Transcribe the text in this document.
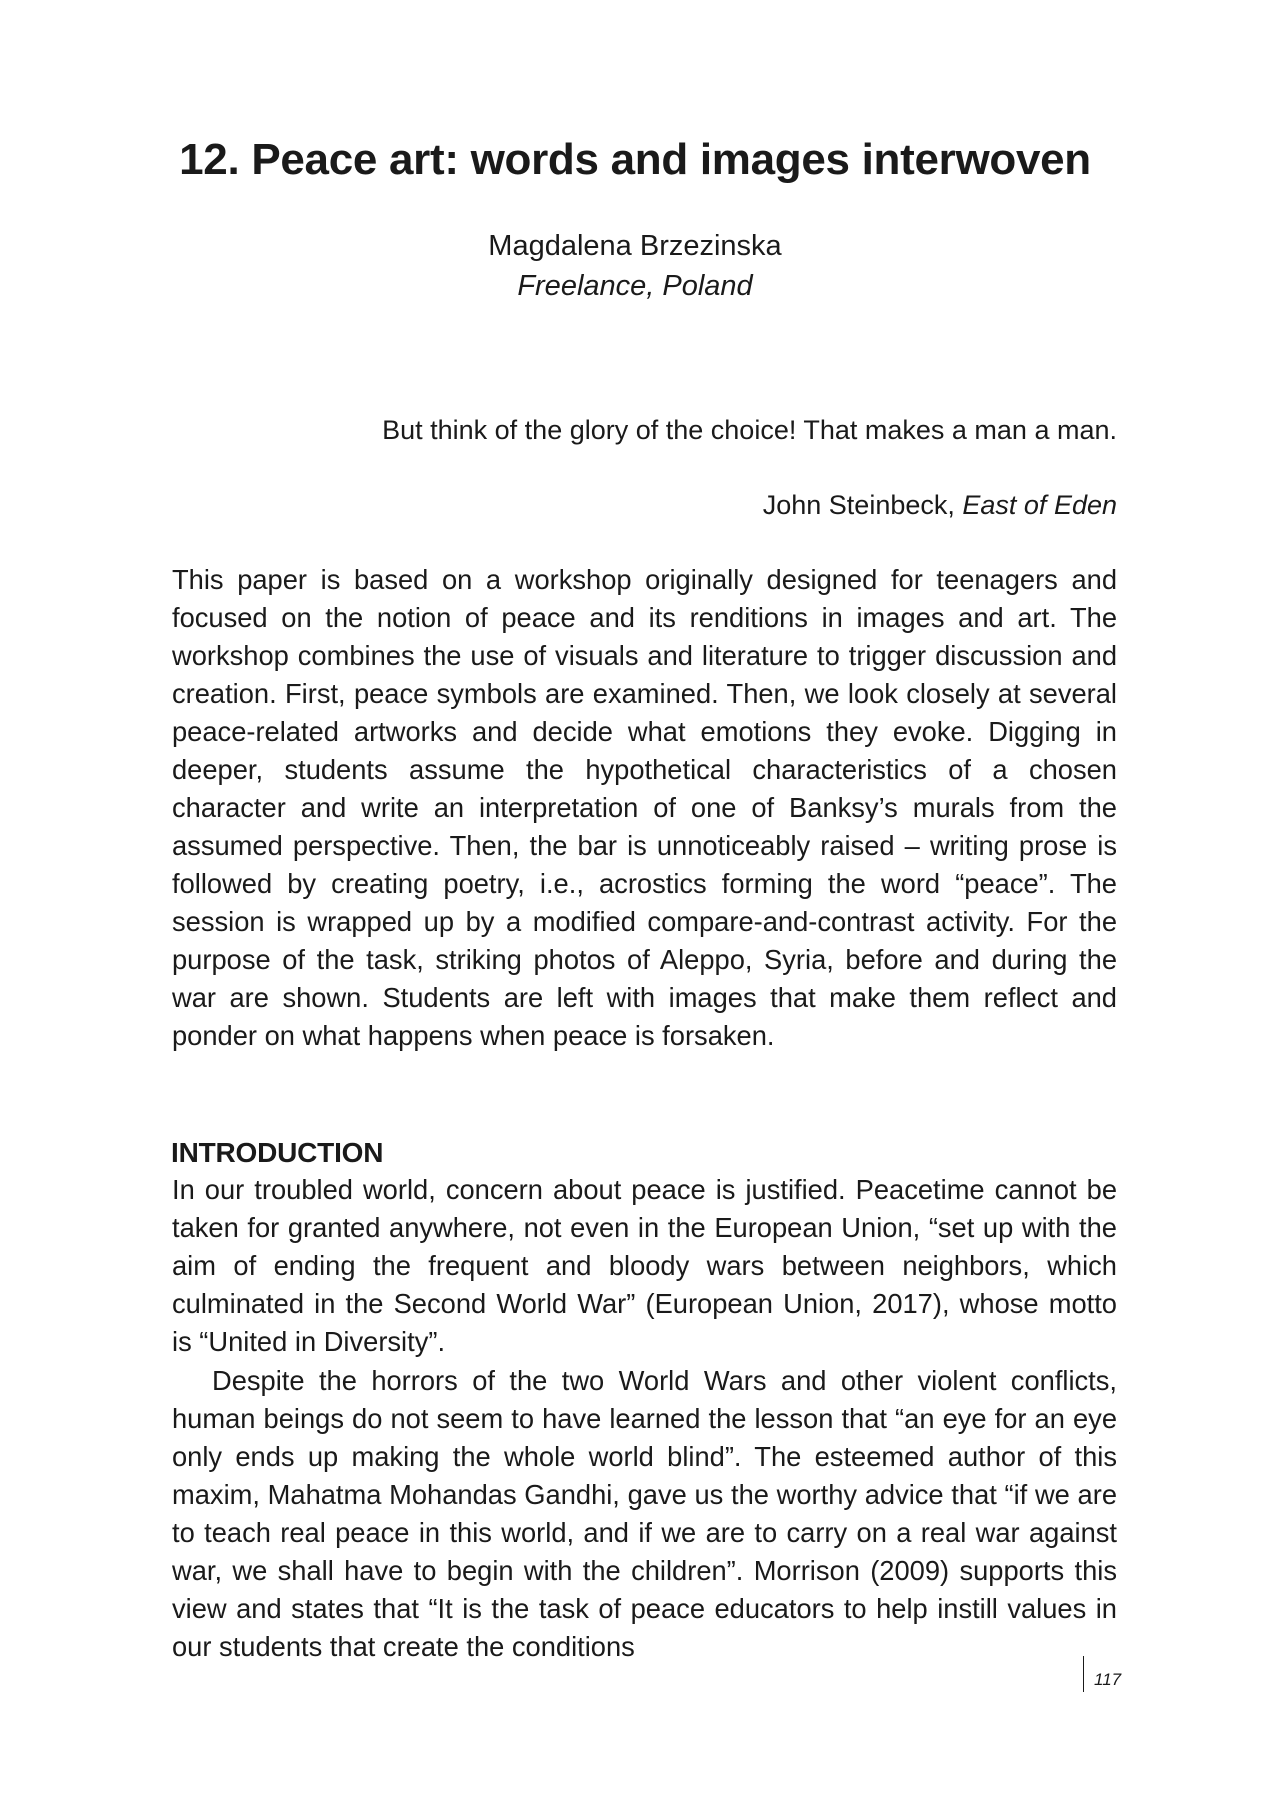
12. Peace art: words and images interwoven
Magdalena Brzezinska
Freelance, Poland
But think of the glory of the choice! That makes a man a man.
John Steinbeck, East of Eden

This paper is based on a workshop originally designed for teenagers and focused on the notion of peace and its renditions in images and art. The workshop combines the use of visuals and literature to trigger discussion and creation. First, peace symbols are examined. Then, we look closely at several peace-related artworks and decide what emotions they evoke. Digging in deeper, students assume the hypothetical characteristics of a chosen character and write an interpretation of one of Banksy’s murals from the assumed perspective. Then, the bar is unnoticeably raised – writing prose is followed by creating poetry, i.e., acrostics forming the word “peace”. The session is wrapped up by a modified compare-and-contrast activity. For the purpose of the task, striking photos of Aleppo, Syria, before and during the war are shown. Students are left with images that make them reflect and ponder on what happens when peace is forsaken.

INTRODUCTION

In our troubled world, concern about peace is justified. Peacetime cannot be taken for granted anywhere, not even in the European Union, “set up with the aim of ending the frequent and bloody wars between neighbors, which culminated in the Second World War” (European Union, 2017), whose motto is “United in Diversity”.

Despite the horrors of the two World Wars and other violent conflicts, human beings do not seem to have learned the lesson that “an eye for an eye only ends up making the whole world blind”. The esteemed author of this maxim, Mahatma Mohandas Gandhi, gave us the worthy advice that “if we are to teach real peace in this world, and if we are to carry on a real war against war, we shall have to begin with the children”. Morrison (2009) supports this view and states that “It is the task of peace educators to help instill values in our students that create the conditions

117
